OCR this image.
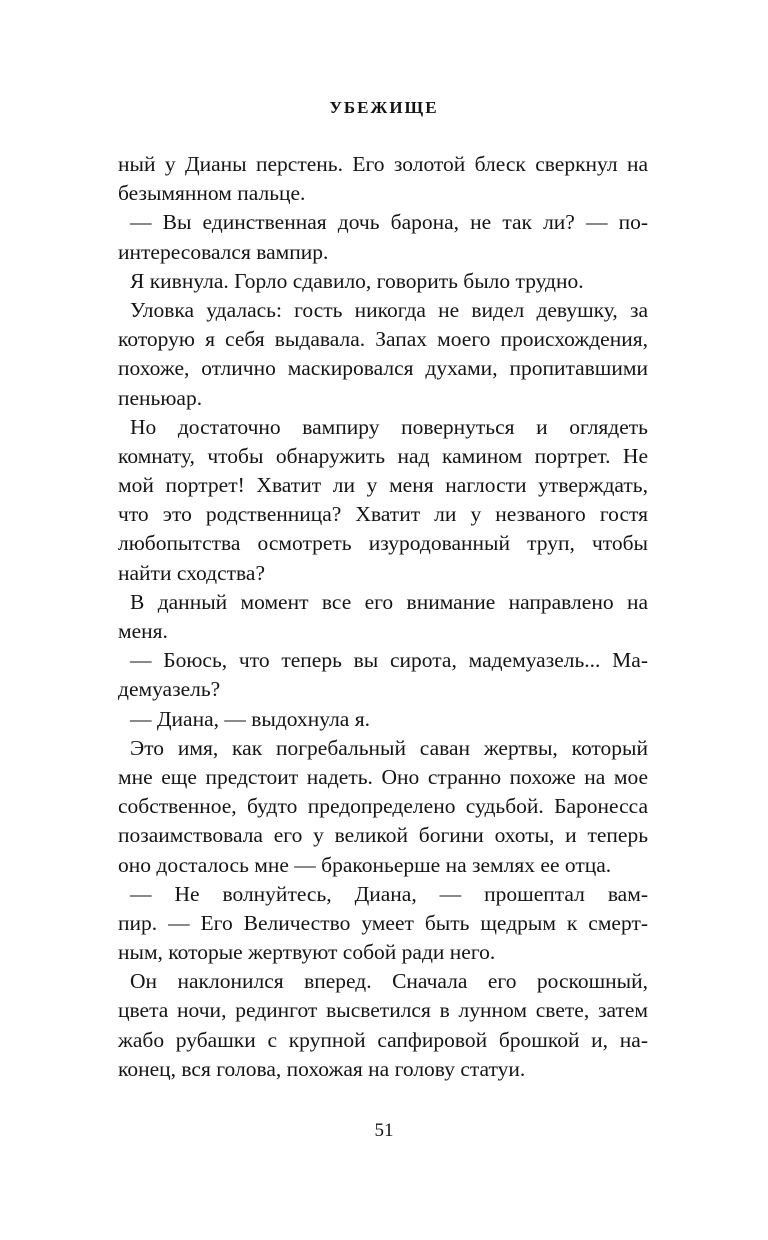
УБЕЖИЩЕ
ный у Дианы перстень. Его золотой блеск сверкнул на
безымянном пальце.
— Вы единственная дочь барона, не так ли? — по-
интересовался вампир.
Я кивнула. Горло сдавило, говорить было трудно.
Уловка удалась: гость никогда не видел девушку, за
которую я себя выдавала. Запах моего происхождения,
похоже, отлично маскировался духами, пропитавшими
пеньюар.
Но достаточно вампиру повернуться и оглядеть
комнату, чтобы обнаружить над камином портрет. Не
мой портрет! Хватит ли у меня наглости утверждать,
что это родственница? Хватит ли у незваного гостя
любопытства осмотреть изуродованный труп, чтобы
найти сходства?
В данный момент все его внимание направлено на
меня.
— Боюсь, что теперь вы сирота, мадемуазель... Ма-
демуазель?
— Диана, — выдохнула я.
Это имя, как погребальный саван жертвы, который
мне еще предстоит надеть. Оно странно похоже на мое
собственное, будто предопределено судьбой. Баронесса
позаимствовала его у великой богини охоты, и теперь
оно досталось мне — браконьерше на землях ее отца.
— Не волнуйтесь, Диана, — прошептал вам-
пир. — Его Величество умеет быть щедрым к смерт-
ным, которые жертвуют собой ради него.
Он наклонился вперед. Сначала его роскошный,
цвета ночи, редингот высветился в лунном свете, затем
жабо рубашки с крупной сапфировой брошкой и, на-
конец, вся голова, похожая на голову статуи.
51
